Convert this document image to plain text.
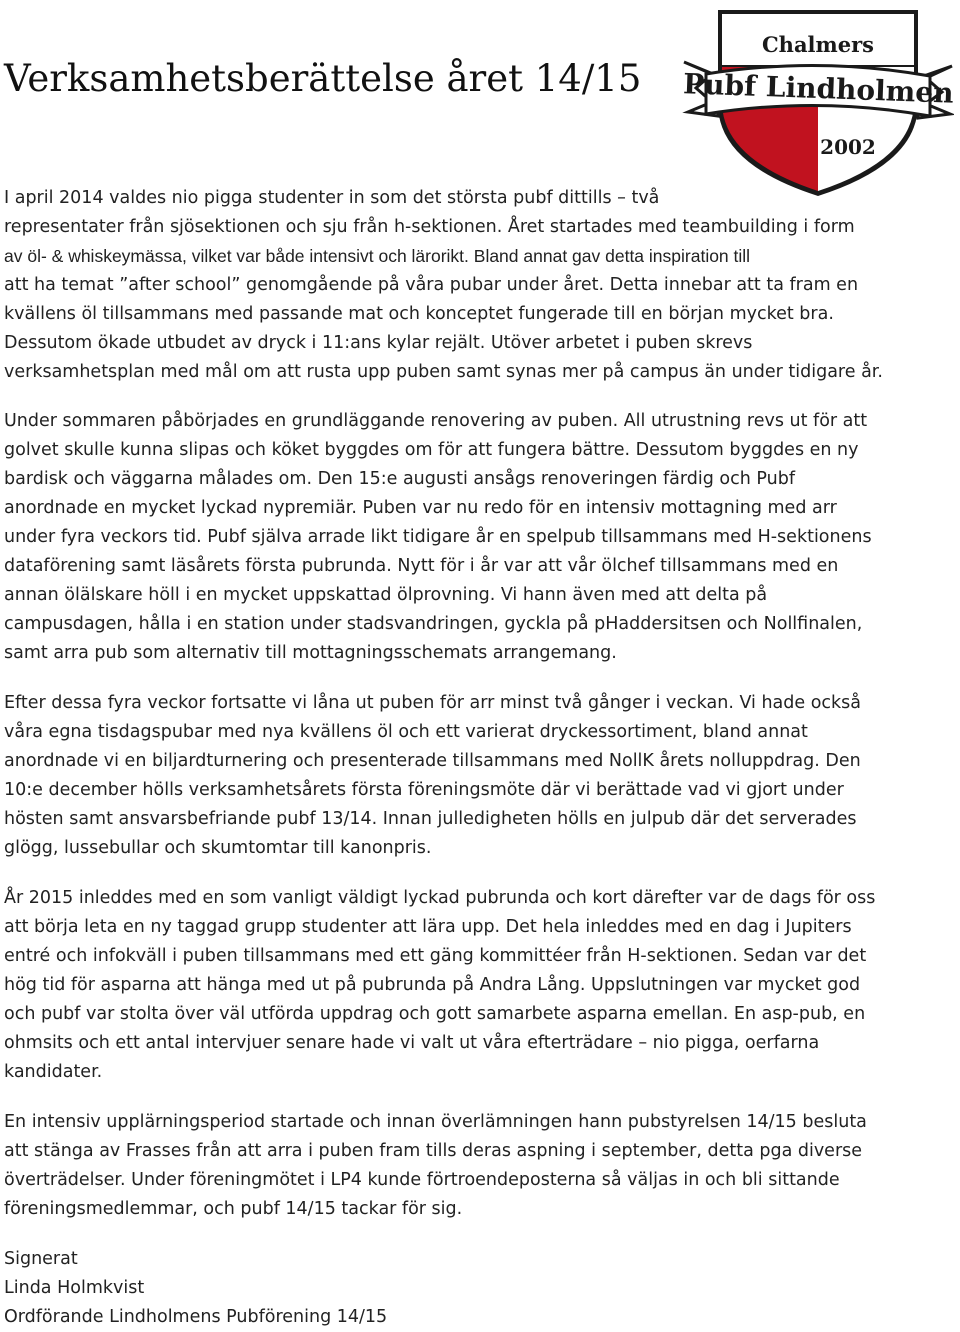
Verksamhetsberättelse året 14/15
Chalmers
Pubf Lindholmen
2002
I april 2014 valdes nio pigga studenter in som det största pubf dittills – två
representater från sjösektionen och sju från h-sektionen. Året startades med teambuilding i form
av öl- & whiskeymässa, vilket var både intensivt och lärorikt. Bland annat gav detta inspiration till
att ha temat ”after school” genomgående på våra pubar under året. Detta innebar att ta fram en
kvällens öl tillsammans med passande mat och konceptet fungerade till en början mycket bra.
Dessutom ökade utbudet av dryck i 11:ans kylar rejält. Utöver arbetet i puben skrevs
verksamhetsplan med mål om att rusta upp puben samt synas mer på campus än under tidigare år.
Under sommaren påbörjades en grundläggande renovering av puben. All utrustning revs ut för att
golvet skulle kunna slipas och köket byggdes om för att fungera bättre. Dessutom byggdes en ny
bardisk och väggarna målades om. Den 15:e augusti ansågs renoveringen färdig och Pubf
anordnade en mycket lyckad nypremiär. Puben var nu redo för en intensiv mottagning med arr
under fyra veckors tid. Pubf själva arrade likt tidigare år en spelpub tillsammans med H-sektionens
dataförening samt läsårets första pubrunda. Nytt för i år var att vår ölchef tillsammans med en
annan ölälskare höll i en mycket uppskattad ölprovning. Vi hann även med att delta på
campusdagen, hålla i en station under stadsvandringen, gyckla på pHaddersitsen och Nollfinalen,
samt arra pub som alternativ till mottagningsschemats arrangemang.
Efter dessa fyra veckor fortsatte vi låna ut puben för arr minst två gånger i veckan. Vi hade också
våra egna tisdagspubar med nya kvällens öl och ett varierat dryckessortiment, bland annat
anordnade vi en biljardturnering och presenterade tillsammans med NollK årets nolluppdrag. Den
10:e december hölls verksamhetsårets första föreningsmöte där vi berättade vad vi gjort under
hösten samt ansvarsbefriande pubf 13/14. Innan julledigheten hölls en julpub där det serverades
glögg, lussebullar och skumtomtar till kanonpris.
År 2015 inleddes med en som vanligt väldigt lyckad pubrunda och kort därefter var de dags för oss
att börja leta en ny taggad grupp studenter att lära upp. Det hela inleddes med en dag i Jupiters
entré och infokväll i puben tillsammans med ett gäng kommittéer från H-sektionen. Sedan var det
hög tid för asparna att hänga med ut på pubrunda på Andra Lång. Uppslutningen var mycket god
och pubf var stolta över väl utförda uppdrag och gott samarbete asparna emellan. En asp-pub, en
ohmsits och ett antal intervjuer senare hade vi valt ut våra efterträdare – nio pigga, oerfarna
kandidater.
En intensiv upplärningsperiod startade och innan överlämningen hann pubstyrelsen 14/15 besluta
att stänga av Frasses från att arra i puben fram tills deras aspning i september, detta pga diverse
överträdelser. Under föreningmötet i LP4 kunde förtroendeposterna så väljas in och bli sittande
föreningsmedlemmar, och pubf 14/15 tackar för sig.
Signerat
Linda Holmkvist
Ordförande Lindholmens Pubförening 14/15
